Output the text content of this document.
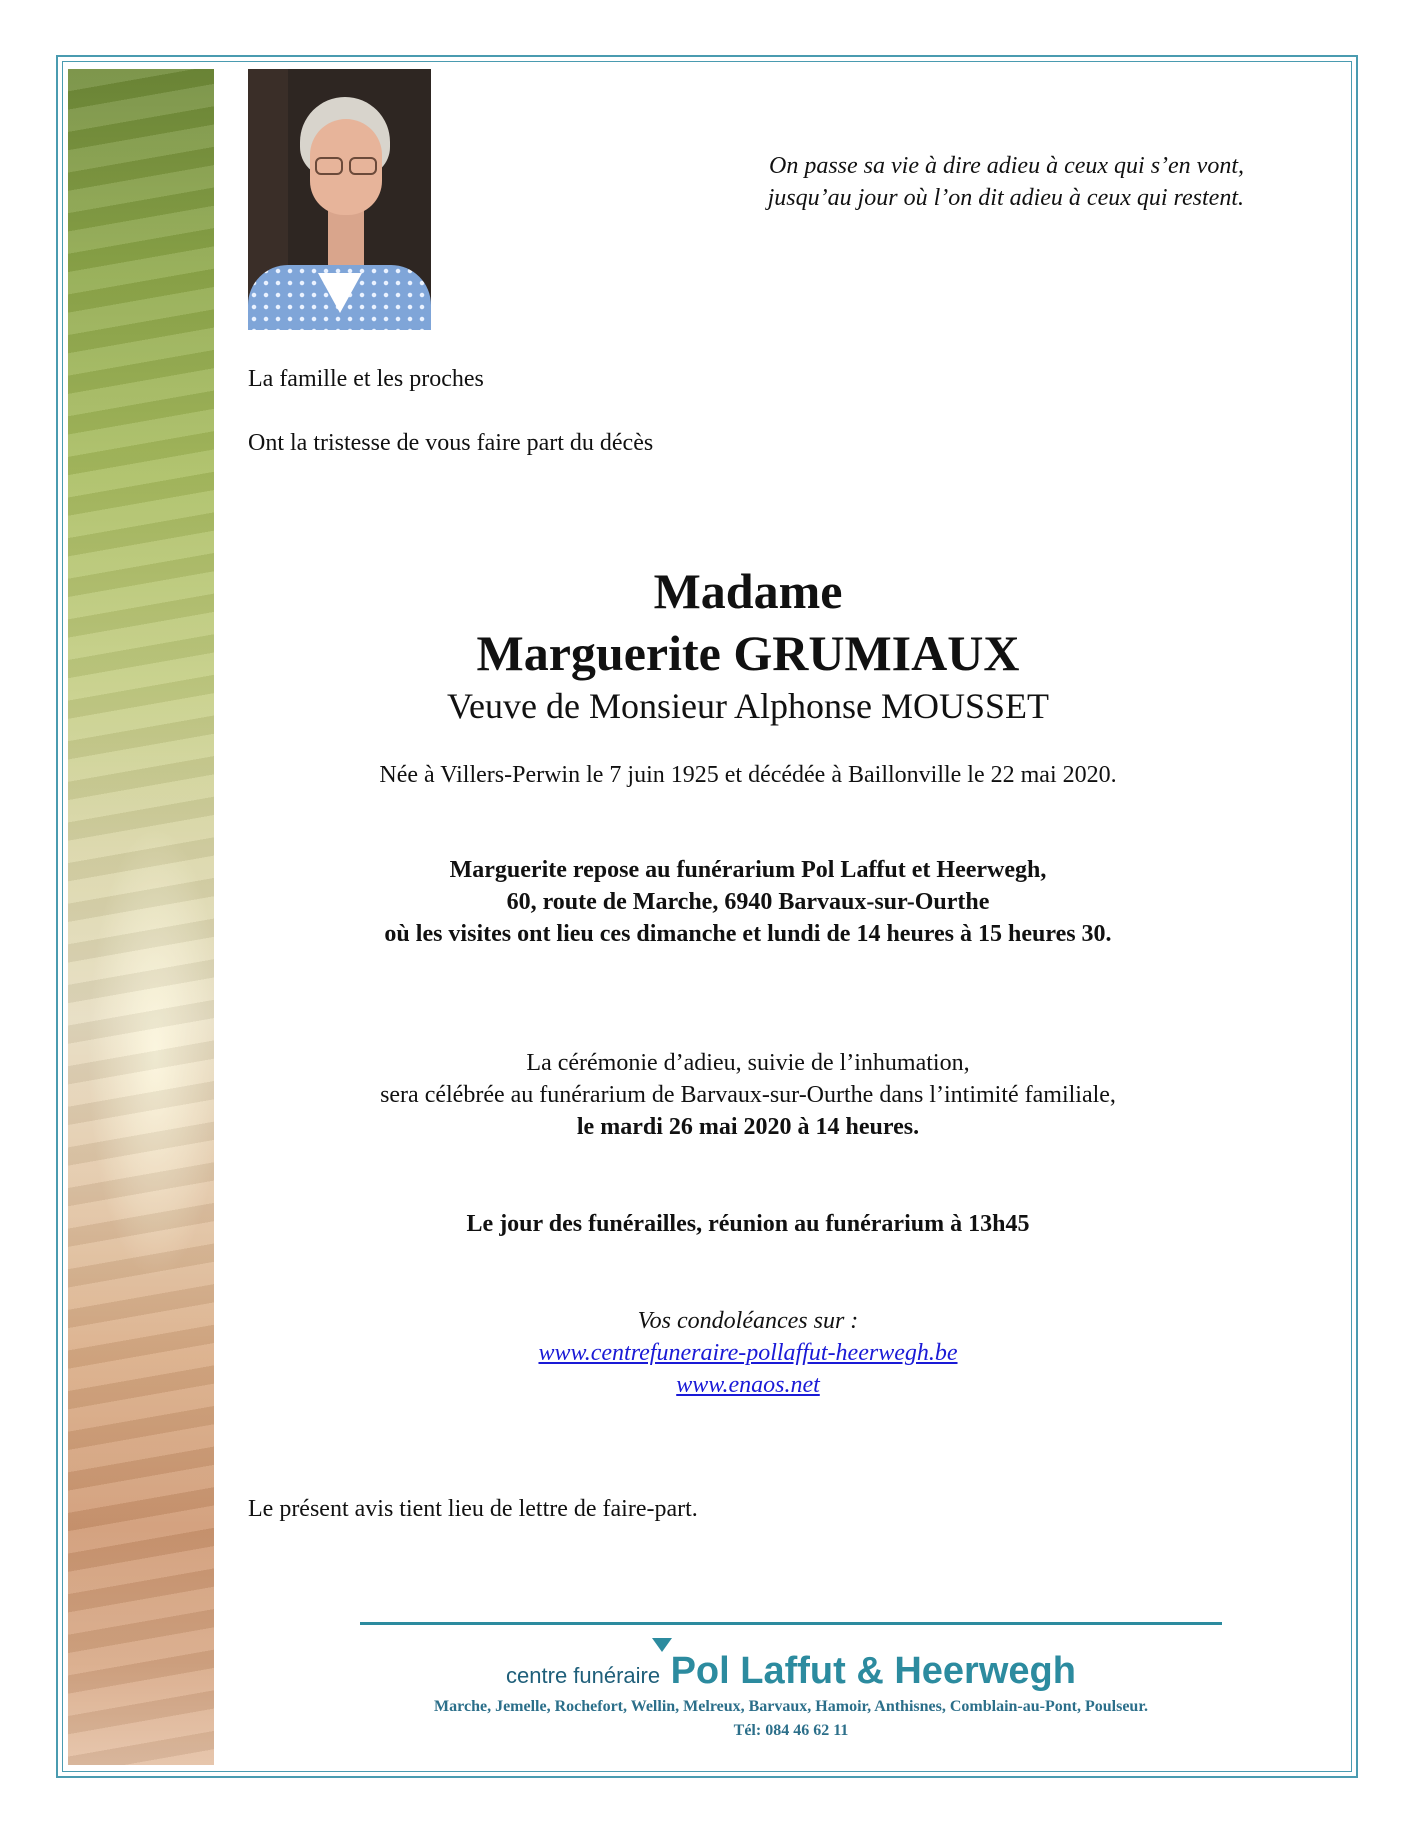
On passe sa vie à dire adieu à ceux qui s’en vont,

jusqu’au jour où l’on dit adieu à ceux qui restent.

La famille et les proches

Ont la tristesse de vous faire part du décès

Madame

Marguerite GRUMIAUX

Veuve de Monsieur Alphonse MOUSSET

Née à Villers-Perwin le 7 juin 1925 et décédée à Baillonville le 22 mai 2020.

Marguerite repose au funérarium Pol Laffut et Heerwegh,

60, route de Marche, 6940 Barvaux-sur-Ourthe

où les visites ont lieu ces dimanche et lundi de 14 heures à 15 heures 30.

La cérémonie d’adieu, suivie de l’inhumation,

sera célébrée au funérarium de Barvaux-sur-Ourthe dans l’intimité familiale,

le mardi 26 mai 2020 à 14 heures.

Le jour des funérailles, réunion au funérarium à 13h45

Vos condoléances sur :

www.centrefuneraire-pollaffut-heerwegh.be

www.enaos.net

Le présent avis tient lieu de lettre de faire-part.

centre funéraire Pol Laffut & Heerwegh
Marche, Jemelle, Rochefort, Wellin, Melreux, Barvaux, Hamoir, Anthisnes, Comblain-au-Pont, Poulseur.
Tél: 084 46 62 11
